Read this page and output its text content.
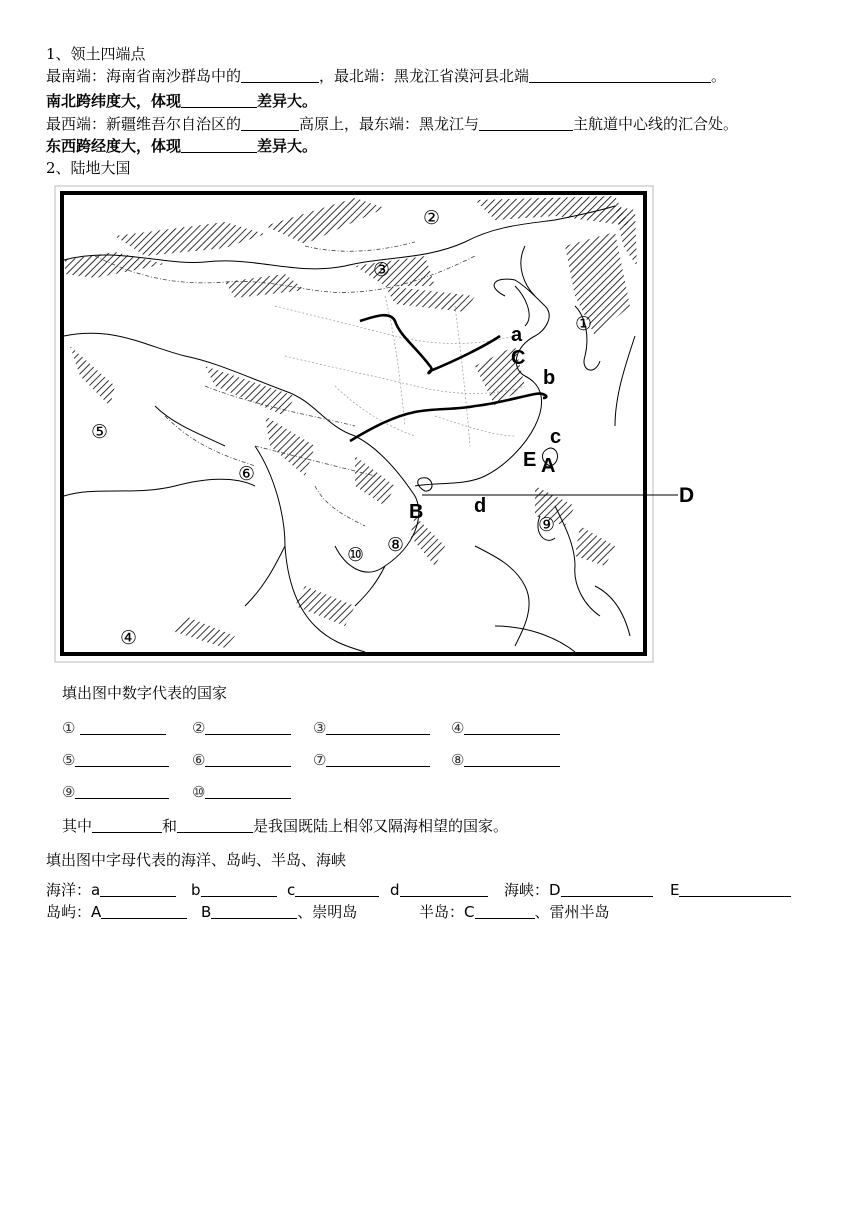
1、领土四端点
最南端：海南省南沙群岛中的	，最北端：黑龙江省漠河县北端	。
南北跨纬度大，体现	差异大。
最西端：新疆维吾尔自治区的	高原上，最东端：黑龙江与	主航道中心线的汇合处。
东西跨经度大，体现	差异大。
2、陆地大国
①
②
③
④
⑤
⑥
⑧
⑨
⑩
a
C
b
c
E A
D
d
B
填出图中数字代表的国家
①	②	③	④
⑤	⑥	⑦	⑧
⑨	⑩
其中	和	是我国既陆上相邻又隔海相望的国家。
填出图中字母代表的海洋、岛屿、半岛、海峡
海洋：a	b	c	d	海峡：D	E
岛屿：A	B	、崇明岛	半岛：C	、雷州半岛
